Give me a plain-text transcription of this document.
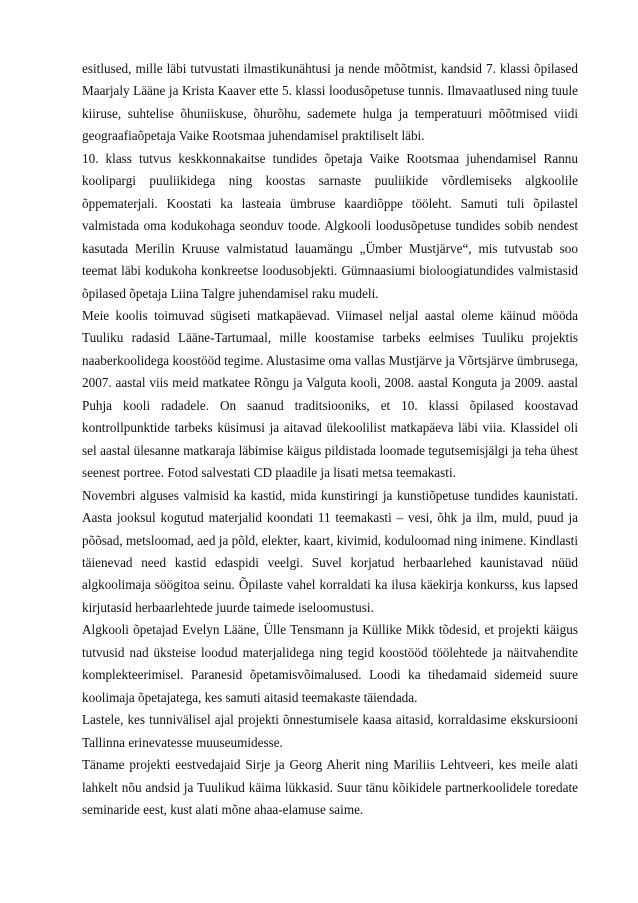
esitlused, mille läbi tutvustati ilmastikunähtusi ja nende mõõtmist, kandsid 7. klassi õpilased Maarjaly Lääne ja Krista Kaaver ette 5. klassi loodusõpetuse tunnis. Ilmavaatlused ning tuule kiiruse, suhtelise õhuniiskuse, õhurõhu, sademete hulga ja temperatuuri mõõtmised viidi geograafiaõpetaja Vaike Rootsmaa juhendamisel praktiliselt läbi.

10. klass tutvus keskkonnakaitse tundides õpetaja Vaike Rootsmaa juhendamisel Rannu koolipargi puuliikidega ning koostas sarnaste puuliikide võrdlemiseks algkoolile õppematerjali. Koostati ka lasteaia ümbruse kaardiõppe tööleht. Samuti tuli õpilastel valmistada oma kodukohaga seonduv toode. Algkooli loodusõpetuse tundides sobib nendest kasutada Merilin Kruuse valmistatud lauamängu „Ümber Mustjärve“, mis tutvustab soo teemat läbi kodukoha konkreetse loodusobjekti. Gümnaasiumi bioloogiatundides valmistasid õpilased õpetaja Liina Talgre juhendamisel raku mudeli.

Meie koolis toimuvad sügiseti matkapäevad. Viimasel neljal aastal oleme käinud mööda Tuuliku radasid Lääne-Tartumaal, mille koostamise tarbeks eelmises Tuuliku projektis naaberkoolidega koostööd tegime. Alustasime oma vallas Mustjärve ja Võrtsjärve ümbrusega, 2007. aastal viis meid matkatee Rõngu ja Valguta kooli, 2008. aastal Konguta ja 2009. aastal Puhja kooli radadele. On saanud traditsiooniks, et 10. klassi õpilased koostavad kontrollpunktide tarbeks küsimusi ja aitavad ülekoolilist matkapäeva läbi viia. Klassidel oli sel aastal ülesanne matkaraja läbimise käigus pildistada loomade tegutsemisjälgi ja teha ühest seenest portree. Fotod salvestati CD plaadile ja lisati metsa teemakasti.

Novembri alguses valmisid ka kastid, mida kunstiringi ja kunstiõpetuse tundides kaunistati. Aasta jooksul kogutud materjalid koondati 11 teemakasti – vesi, õhk ja ilm, muld, puud ja põõsad, metsloomad, aed ja põld, elekter, kaart, kivimid, koduloomad ning inimene. Kindlasti täienevad need kastid edaspidi veelgi. Suvel korjatud herbaarlehed kaunistavad nüüd algkoolimaja söögitoa seinu. Õpilaste vahel korraldati ka ilusa käekirja konkurss, kus lapsed kirjutasid herbaarlehtede juurde taimede iseloomustusi.

Algkooli õpetajad Evelyn Lääne, Ülle Tensmann ja Küllike Mikk tõdesid, et projekti käigus tutvusid nad üksteise loodud materjalidega ning tegid koostööd töölehtede ja näitvahendite komplekteerimisel. Paranesid õpetamisvõimalused. Loodi ka tihedamaid sidemeid suure koolimaja õpetajatega, kes samuti aitasid teemakaste täiendada.

Lastele, kes tunnivälisel ajal projekti õnnestumisele kaasa aitasid, korraldasime ekskursiooni Tallinna erinevatesse muuseumidesse.

Täname projekti eestvedajaid Sirje ja Georg Aherit ning Mariliis Lehtveeri, kes meile alati lahkelt nõu andsid ja Tuulikud käima lükkasid. Suur tänu kõikidele partnerkoolidele toredate seminaride eest, kust alati mõne ahaa-elamuse saime.
